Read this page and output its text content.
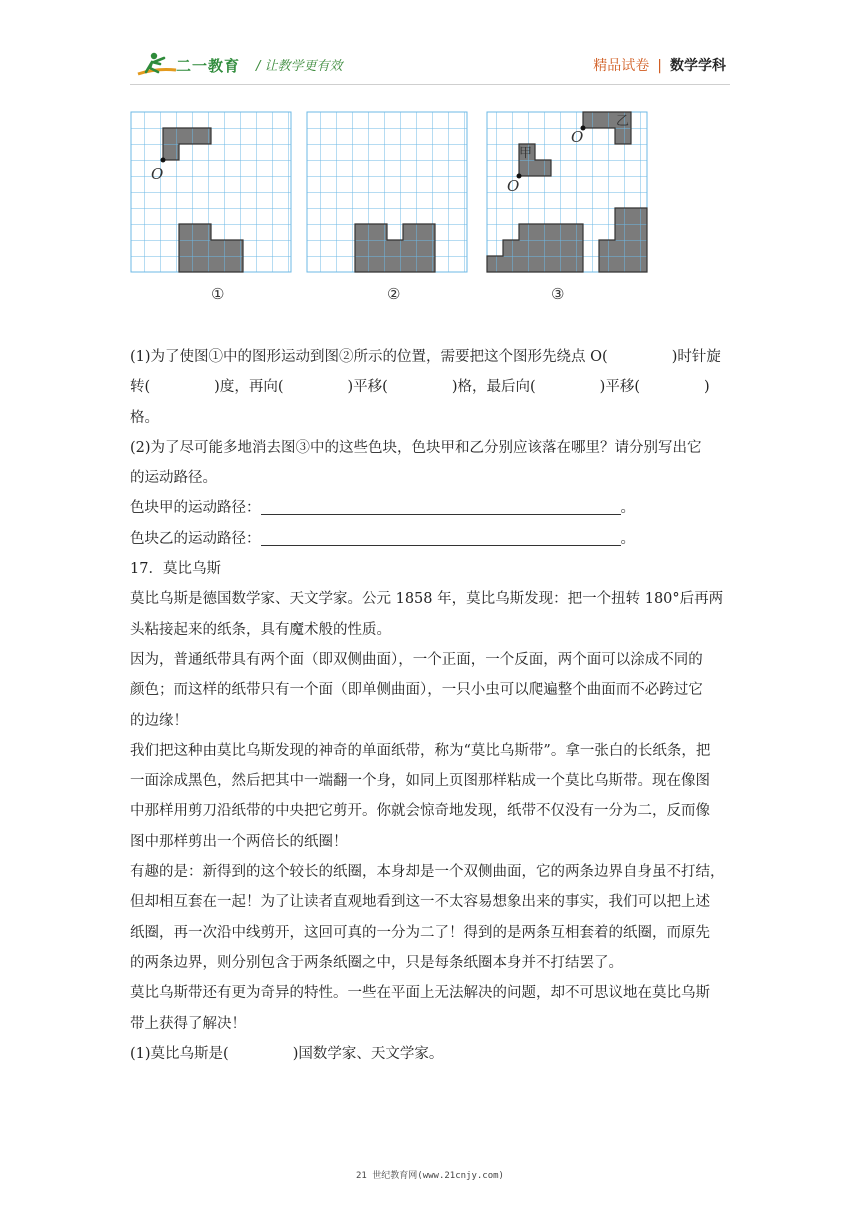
二一教育 / 让教学更有效	精品试卷 | 数学学科
O
O
O
甲
乙
①	②	③

(1)为了使图①中的图形运动到图②所示的位置，需要把这个图形先绕点 O(	)时针旋

转(	)度，再向(	)平移(	)格，最后向(	)平移(	)格。

(2)为了尽可能多地消去图③中的这些色块，色块甲和乙分别应该落在哪里？请分别写出它

的运动路径。

色块甲的运动路径：	。

色块乙的运动路径：	。

17．莫比乌斯

莫比乌斯是德国数学家、天文学家。公元 1858 年，莫比乌斯发现：把一个扭转 180°后再两

头粘接起来的纸条，具有魔术般的性质。

因为，普通纸带具有两个面（即双侧曲面），一个正面，一个反面，两个面可以涂成不同的

颜色；而这样的纸带只有一个面（即单侧曲面），一只小虫可以爬遍整个曲面而不必跨过它

的边缘！

我们把这种由莫比乌斯发现的神奇的单面纸带，称为“莫比乌斯带”。拿一张白的长纸条，把

一面涂成黑色，然后把其中一端翻一个身，如同上页图那样粘成一个莫比乌斯带。现在像图

中那样用剪刀沿纸带的中央把它剪开。你就会惊奇地发现，纸带不仅没有一分为二，反而像

图中那样剪出一个两倍长的纸圈！

有趣的是：新得到的这个较长的纸圈，本身却是一个双侧曲面，它的两条边界自身虽不打结，

但却相互套在一起！为了让读者直观地看到这一不太容易想象出来的事实，我们可以把上述

纸圈，再一次沿中线剪开，这回可真的一分为二了！得到的是两条互相套着的纸圈，而原先

的两条边界，则分别包含于两条纸圈之中，只是每条纸圈本身并不打结罢了。

莫比乌斯带还有更为奇异的特性。一些在平面上无法解决的问题，却不可思议地在莫比乌斯

带上获得了解决！

(1)莫比乌斯是(	)国数学家、天文学家。

21 世纪教育网(www.21cnjy.com)
